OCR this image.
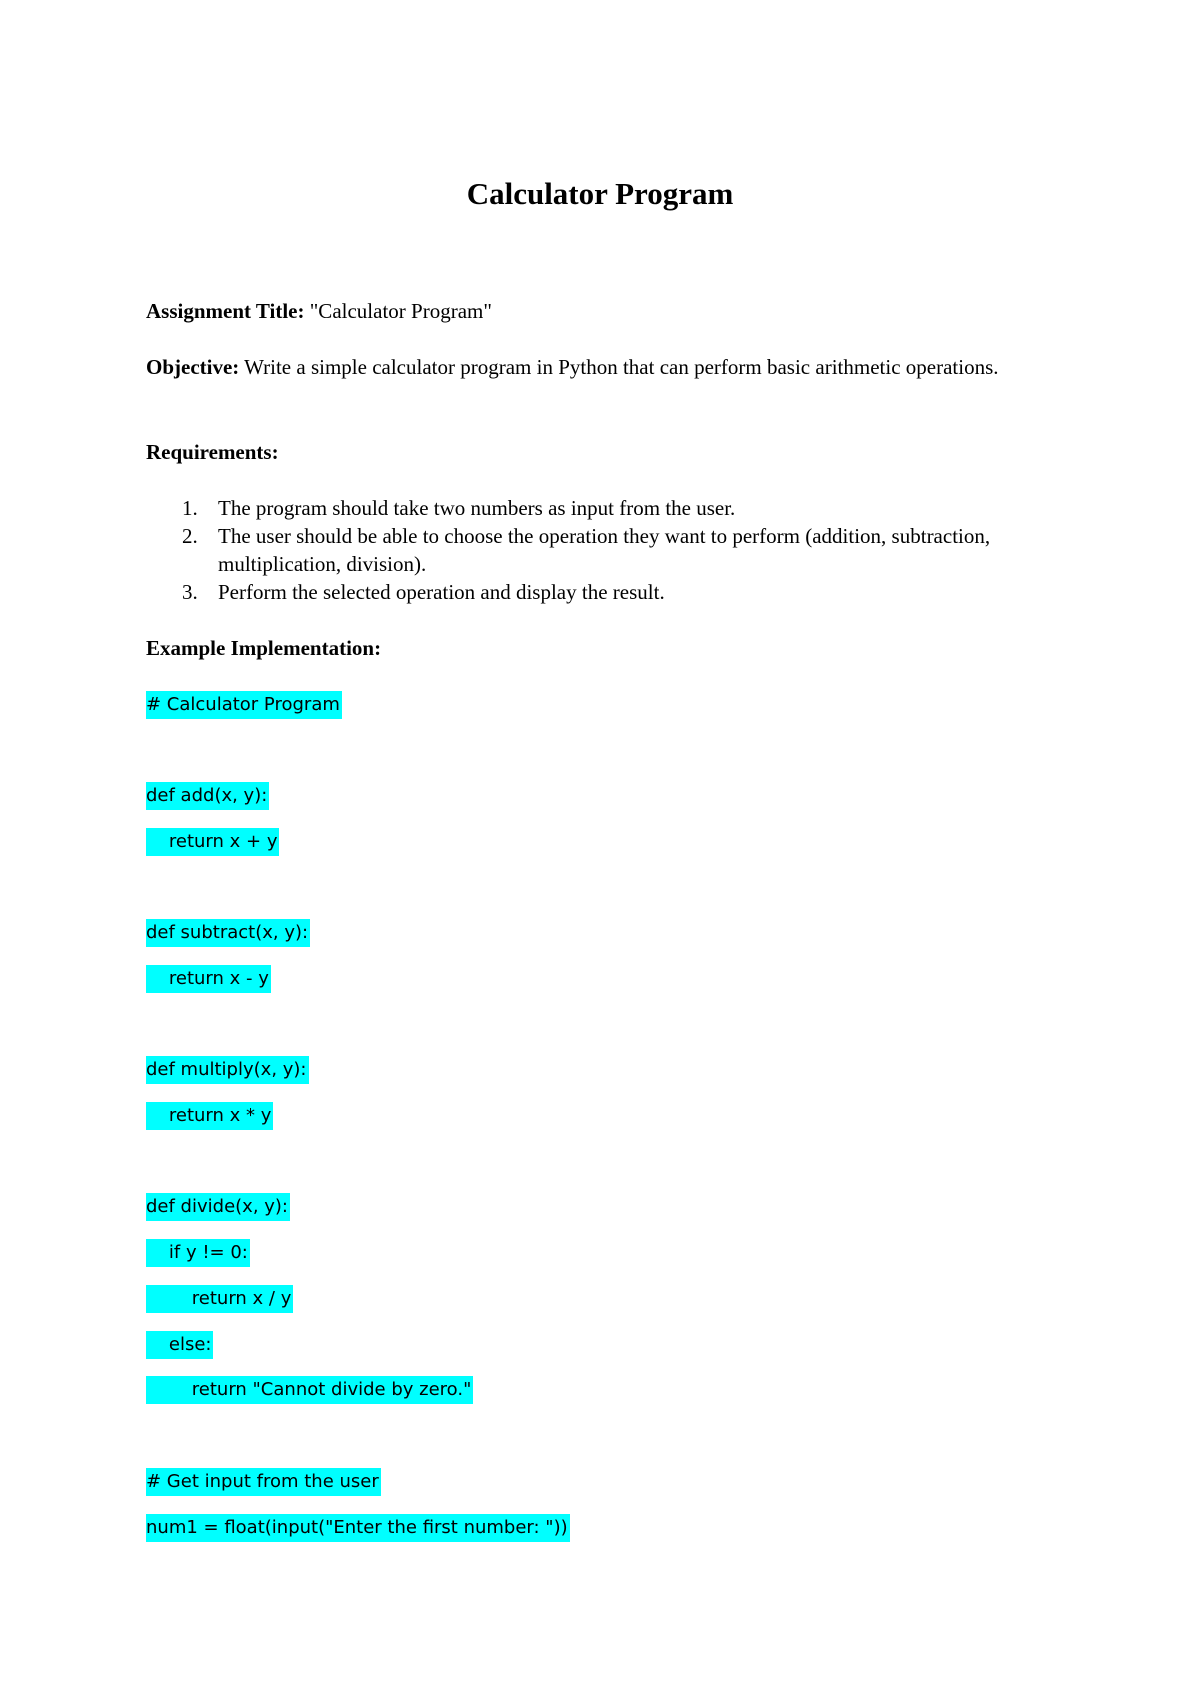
Calculator Program
Assignment Title: "Calculator Program"
Objective: Write a simple calculator program in Python that can perform basic arithmetic operations.
Requirements:
1. The program should take two numbers as input from the user.
2. The user should be able to choose the operation they want to perform (addition, subtraction, multiplication, division).
3. Perform the selected operation and display the result.
Example Implementation:
# Calculator Program
def add(x, y):
return x + y
def subtract(x, y):
return x - y
def multiply(x, y):
return x * y
def divide(x, y):
if y != 0:
return x / y
else:
return "Cannot divide by zero."
# Get input from the user
num1 = float(input("Enter the first number: "))
